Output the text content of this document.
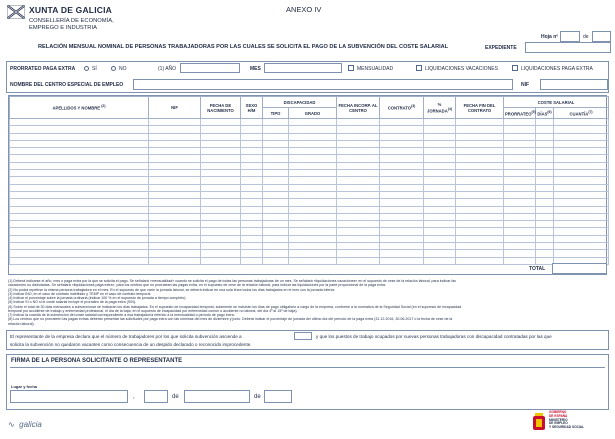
XUNTA DE GALICIA
CONSELLERÍA DE ECONOMÍA,
EMPREGO E INDUSTRIA
ANEXO IV
Hoja nº	de
RELACIÓN MENSUAL NOMINAL DE PERSONAS TRABAJADORAS POR LAS CUALES SE SOLICITA EL PAGO DE LA SUBVENCIÓN DEL COSTE SALARIAL	EXPEDIENTE
PRORRATEO PAGA EXTRA	SÍ	NO	(1) AÑO	MES	MENSUALIDAD	LIQUIDACIONES VACACIONES	LIQUIDACIONES PAGA EXTRA
NOMBRE DEL CENTRO ESPECIAL DE EMPLEO	NIF
APELLIDOS Y NOMBRE $^{(2)}$	NIF	FECHA DE NACIMIENTO	SEXO H/M	DISCAPACIDAD		FECHA INCORP. AL CENTRO	CONTRATO$^{(3)}$	% JORNADA$^{(4)}$	FECHA FIN DEL CONTRATO	COSTE SALARIAL		
				TIPO	GRADO					PRORRATEO$^{(5)}$	DÍAS$^{(6)}$	CUANTÍA$^{(7)}$

TOTAL
(1) Deberá indicarse el año, mes o paga extra por la que se solicita el pago. Se señalará «mensualidad» cuando se solicita el pago de todas las personas trabajadoras de un mes. Se señalará «liquidaciones vacaciones» en el supuesto de cese de la relación laboral, para indicar las
vacaciones no disfrutadas. Se señalará «liquidaciones paga extra», para los centros que no prorratean las pagas extra, en el supuesto de cese de la relación laboral, para indicar las liquidaciones por la parte proporcional de la paga extra.
(2) No podrá repetirse la misma persona trabajadora en el mes. En el supuesto de que varíe la jornada laboral, se deberá indicar en una sola línea todos los días trabajados en el mes con la jornada inferior.
(3) Indicar INO, en el caso de contrato indefinido y TEMP en el caso de contrato temporal.
(4) Indicar el porcentaje sobre la jornada ordinaria (indicar 100 % en el supuesto de jornada a tiempo completo).
(5) Indicar SI o NO si el coste salarial incluye el prorrateo de la paga extra (S/N).
(6) Sobre el total de 30 días mensuales a subvencionar se indicarán los días trabajados. En el supuesto de incapacidad temporal, solamente se incluirán los días de pago obligatorio a cargo de la empresa, conforme a la normativa de la Seguridad Social (en el supuesto de incapacidad
temporal por accidente de trabajo y enfermedad profesional, el día de la baja; en el supuesto de incapacidad por enfermedad común o accidente no laboral, del día 4º al 15º de baja).
(7) Indicar la cuantía de la subvención del coste salarial correspondiente a esa trabajador/a referido a la mensualidad o período de pago extra.
(8) Los centros que no prorrateen las pagas extras deberán presentar las solicitudes por paga extra con las nóminas del mes de diciembre y junio. Deberá indicar el porcentaje de jornada del último día del período de la paga extra (31.12.2016, 30.06.2017 o la fecha de cese de la
relación laboral).
El representante de la empresa declara que el número de trabajadores por los que solicita subvención asciende a	y que los puestos de trabajo ocupados por nuevas personas trabajadoras con discapacidad contratadas por las que
solicita la subvención no quedaron vacantes como consecuencia de un despido declarado o reconocido improcedente.
FIRMA DE LA PERSONA SOLICITANTE O REPRESENTANTE
Lugar y fecha
,	de	de
∿ galicia
GOBIERNO
DE ESPAÑA
MINISTERIO
DE EMPLEO
Y SEGURIDAD SOCIAL
